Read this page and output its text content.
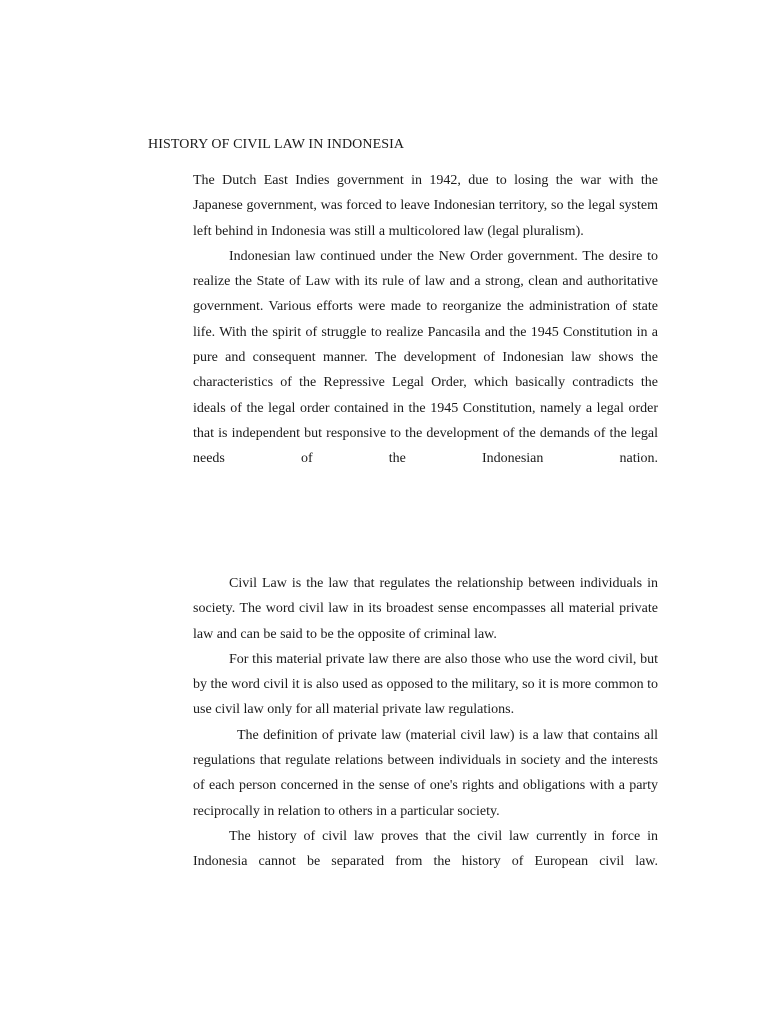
HISTORY OF CIVIL LAW IN INDONESIA

The Dutch East Indies government in 1942, due to losing the war with the Japanese government, was forced to leave Indonesian territory, so the legal system left behind in Indonesia was still a multicolored law (legal pluralism).

Indonesian law continued under the New Order government. The desire to realize the State of Law with its rule of law and a strong, clean and authoritative government. Various efforts were made to reorganize the administration of state life. With the spirit of struggle to realize Pancasila and the 1945 Constitution in a pure and consequent manner. The development of Indonesian law shows the characteristics of the Repressive Legal Order, which basically contradicts the ideals of the legal order contained in the 1945 Constitution, namely a legal order that is independent but responsive to the development of the demands of the legal needs of the Indonesian nation.

Civil Law is the law that regulates the relationship between individuals in society. The word civil law in its broadest sense encompasses all material private law and can be said to be the opposite of criminal law.

For this material private law there are also those who use the word civil, but by the word civil it is also used as opposed to the military, so it is more common to use civil law only for all material private law regulations.

The definition of private law (material civil law) is a law that contains all regulations that regulate relations between individuals in society and the interests of each person concerned in the sense of one's rights and obligations with a party reciprocally in relation to others in a particular society.

The history of civil law proves that the civil law currently in force in Indonesia cannot be separated from the history of European civil law.
